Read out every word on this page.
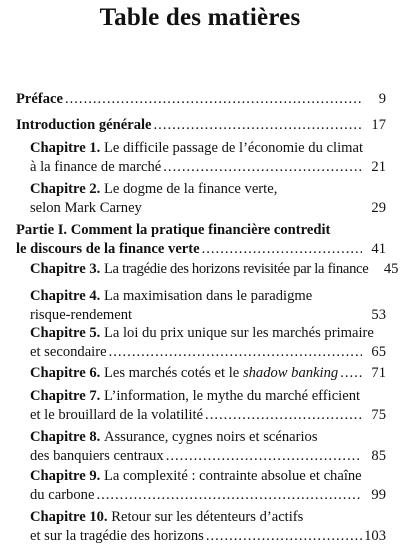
Table des matières
Préface .....	9
Introduction générale .....	17
Chapitre 1.
Le difficile passage de l’économie du climat
à la finance de marché .....	21
Chapitre 2.
Le dogme de la finance verte,
selon Mark Carney	29
Partie I. Comment la pratique financière contredit
le discours de la finance verte .....	41
Chapitre 3.
La tragédie des horizons revisitée par la finance	45
Chapitre 4.
La maximisation dans le paradigme
risque-rendement	53
Chapitre 5.
La loi du prix unique sur les marchés primaire
et secondaire .....	65
Chapitre 6.
Les marchés cotés et le
shadow banking .....	71
Chapitre 7.
L’information, le mythe du marché efficient
et le brouillard de la volatilité .....	75
Chapitre 8.
Assurance, cygnes noirs et scénarios
des banquiers centraux .....	85
Chapitre 9.
La complexité : contrainte absolue et chaîne
du carbone .....	99
Chapitre 10.
Retour sur les détenteurs d’actifs
et sur la tragédie des horizons .....	103
